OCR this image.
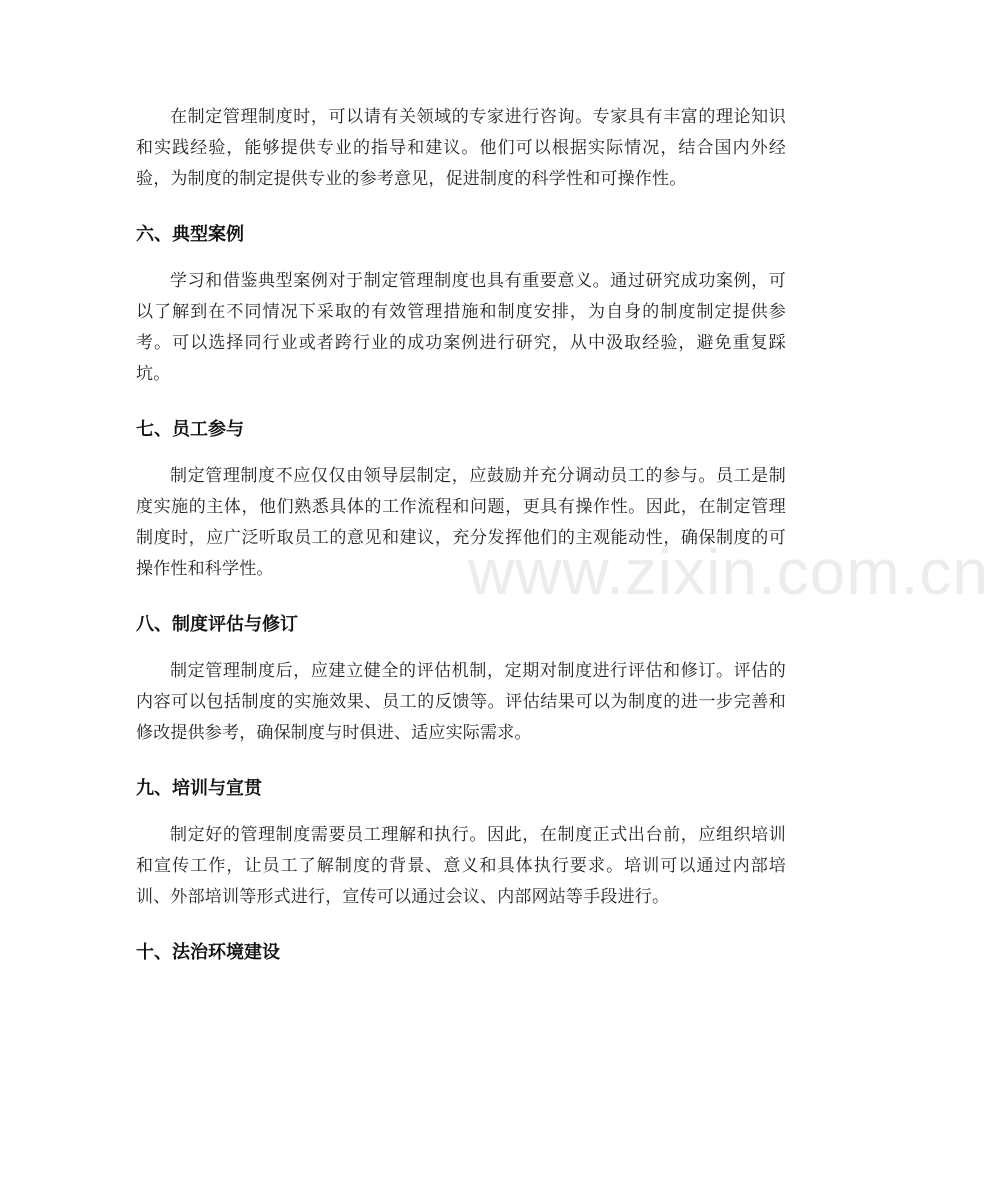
在制定管理制度时，可以请有关领域的专家进行咨询。专家具有丰富的理论知识和实践经验，能够提供专业的指导和建议。他们可以根据实际情况，结合国内外经验，为制度的制定提供专业的参考意见，促进制度的科学性和可操作性。

六、典型案例

学习和借鉴典型案例对于制定管理制度也具有重要意义。通过研究成功案例，可以了解到在不同情况下采取的有效管理措施和制度安排，为自身的制度制定提供参考。可以选择同行业或者跨行业的成功案例进行研究，从中汲取经验，避免重复踩坑。

七、员工参与

制定管理制度不应仅仅由领导层制定，应鼓励并充分调动员工的参与。员工是制度实施的主体，他们熟悉具体的工作流程和问题，更具有操作性。因此，在制定管理制度时，应广泛听取员工的意见和建议，充分发挥他们的主观能动性，确保制度的可操作性和科学性。

八、制度评估与修订

制定管理制度后，应建立健全的评估机制，定期对制度进行评估和修订。评估的内容可以包括制度的实施效果、员工的反馈等。评估结果可以为制度的进一步完善和修改提供参考，确保制度与时俱进、适应实际需求。

九、培训与宣贯

制定好的管理制度需要员工理解和执行。因此，在制度正式出台前，应组织培训和宣传工作，让员工了解制度的背景、意义和具体执行要求。培训可以通过内部培训、外部培训等形式进行，宣传可以通过会议、内部网站等手段进行。

十、法治环境建设
www.zixin.com.cn
